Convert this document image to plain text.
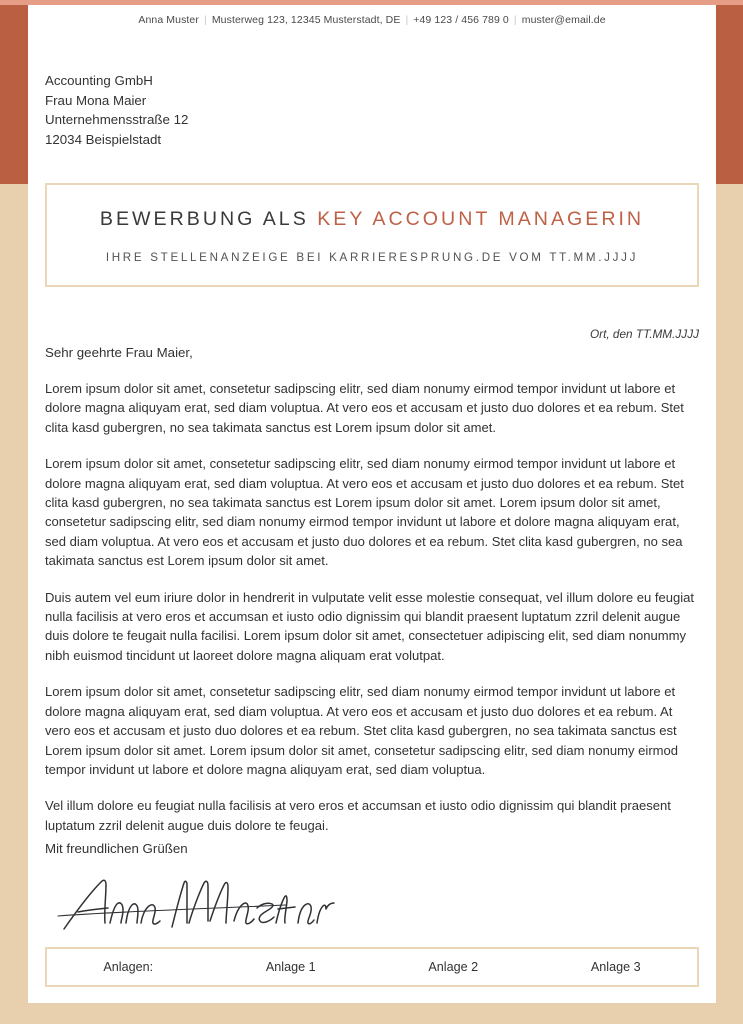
Anna Muster | Musterweg 123, 12345 Musterstadt, DE | +49 123 / 456 789 0 | muster@email.de
Accounting GmbH
Frau Mona Maier
Unternehmensstraße 12
12034 Beispielstadt
BEWERBUNG ALS KEY ACCOUNT MANAGERIN
IHRE STELLENANZEIGE BEI KARRIERESPRUNG.DE VOM TT.MM.JJJJ
Ort, den TT.MM.JJJJ
Sehr geehrte Frau Maier,

Lorem ipsum dolor sit amet, consetetur sadipscing elitr, sed diam nonumy eirmod tempor invidunt ut labore et dolore magna aliquyam erat, sed diam voluptua. At vero eos et accusam et justo duo dolores et ea rebum. Stet clita kasd gubergren, no sea takimata sanctus est Lorem ipsum dolor sit amet.

Lorem ipsum dolor sit amet, consetetur sadipscing elitr, sed diam nonumy eirmod tempor invidunt ut labore et dolore magna aliquyam erat, sed diam voluptua. At vero eos et accusam et justo duo dolores et ea rebum. Stet clita kasd gubergren, no sea takimata sanctus est Lorem ipsum dolor sit amet. Lorem ipsum dolor sit amet, consetetur sadipscing elitr, sed diam nonumy eirmod tempor invidunt ut labore et dolore magna aliquyam erat, sed diam voluptua. At vero eos et accusam et justo duo dolores et ea rebum. Stet clita kasd gubergren, no sea takimata sanctus est Lorem ipsum dolor sit amet.

Duis autem vel eum iriure dolor in hendrerit in vulputate velit esse molestie consequat, vel illum dolore eu feugiat nulla facilisis at vero eros et accumsan et iusto odio dignissim qui blandit praesent luptatum zzril delenit augue duis dolore te feugait nulla facilisi. Lorem ipsum dolor sit amet, consectetuer adipiscing elit, sed diam nonummy nibh euismod tincidunt ut laoreet dolore magna aliquam erat volutpat.

Lorem ipsum dolor sit amet, consetetur sadipscing elitr, sed diam nonumy eirmod tempor invidunt ut labore et dolore magna aliquyam erat, sed diam voluptua. At vero eos et accusam et justo duo dolores et ea rebum. At vero eos et accusam et justo duo dolores et ea rebum. Stet clita kasd gubergren, no sea takimata sanctus est Lorem ipsum dolor sit amet. Lorem ipsum dolor sit amet, consetetur sadipscing elitr, sed diam nonumy eirmod tempor invidunt ut labore et dolore magna aliquyam erat, sed diam voluptua.

Vel illum dolore eu feugiat nulla facilisis at vero eros et accumsan et iusto odio dignissim qui blandit praesent luptatum zzril delenit augue duis dolore te feugai.

Mit freundlichen Grüßen
Anlagen:	Anlage 1	Anlage 2	Anlage 3
